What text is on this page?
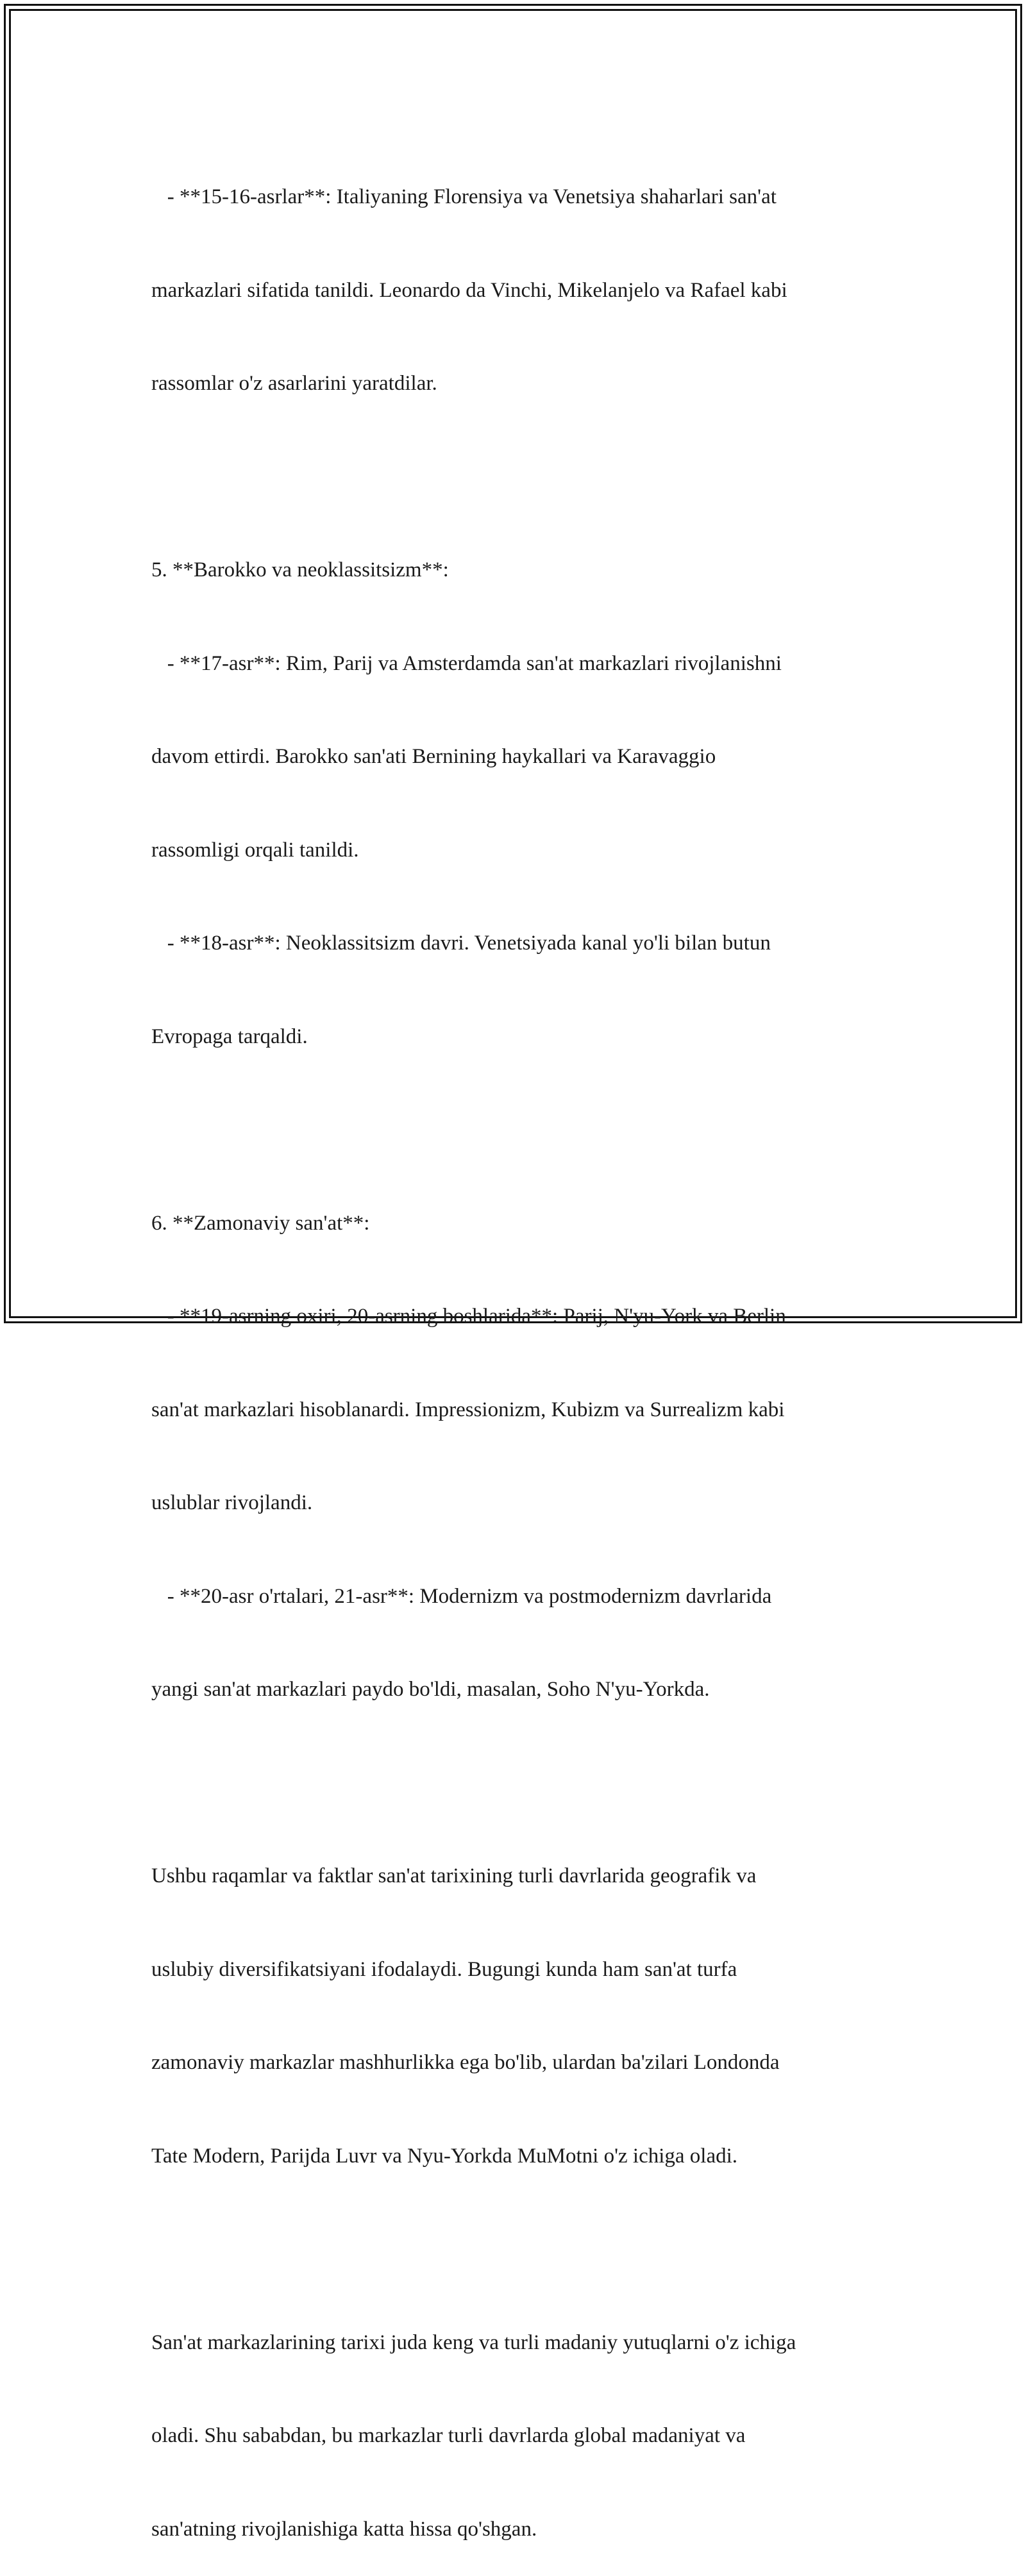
- **15-16-asrlar**: Italiyaning Florensiya va Venetsiya shaharlari san'at

markazlari sifatida tanildi. Leonardo da Vinchi, Mikelanjelo va Rafael kabi

rassomlar o'z asarlarini yaratdilar.

5. **Barokko va neoklassitsizm**:

- **17-asr**: Rim, Parij va Amsterdamda san'at markazlari rivojlanishni

davom ettirdi. Barokko san'ati Bernining haykallari va Karavaggio

rassomligi orqali tanildi.

- **18-asr**: Neoklassitsizm davri. Venetsiyada kanal yo'li bilan butun

Evropaga tarqaldi.

6. **Zamonaviy san'at**:

- **19-asrning oxiri, 20-asrning boshlarida**: Parij, N'yu-York va Berlin

san'at markazlari hisoblanardi. Impressionizm, Kubizm va Surrealizm kabi

uslublar rivojlandi.

- **20-asr o'rtalari, 21-asr**: Modernizm va postmodernizm davrlarida

yangi san'at markazlari paydo bo'ldi, masalan, Soho N'yu-Yorkda.

Ushbu raqamlar va faktlar san'at tarixining turli davrlarida geografik va

uslubiy diversifikatsiyani ifodalaydi. Bugungi kunda ham san'at turfa

zamonaviy markazlar mashhurlikka ega bo'lib, ulardan ba'zilari Londonda

Tate Modern, Parijda Luvr va Nyu-Yorkda MuMotni o'z ichiga oladi.

San'at markazlarining tarixi juda keng va turli madaniy yutuqlarni o'z ichiga

oladi. Shu sababdan, bu markazlar turli davrlarda global madaniyat va

san'atning rivojlanishiga katta hissa qo'shgan.
